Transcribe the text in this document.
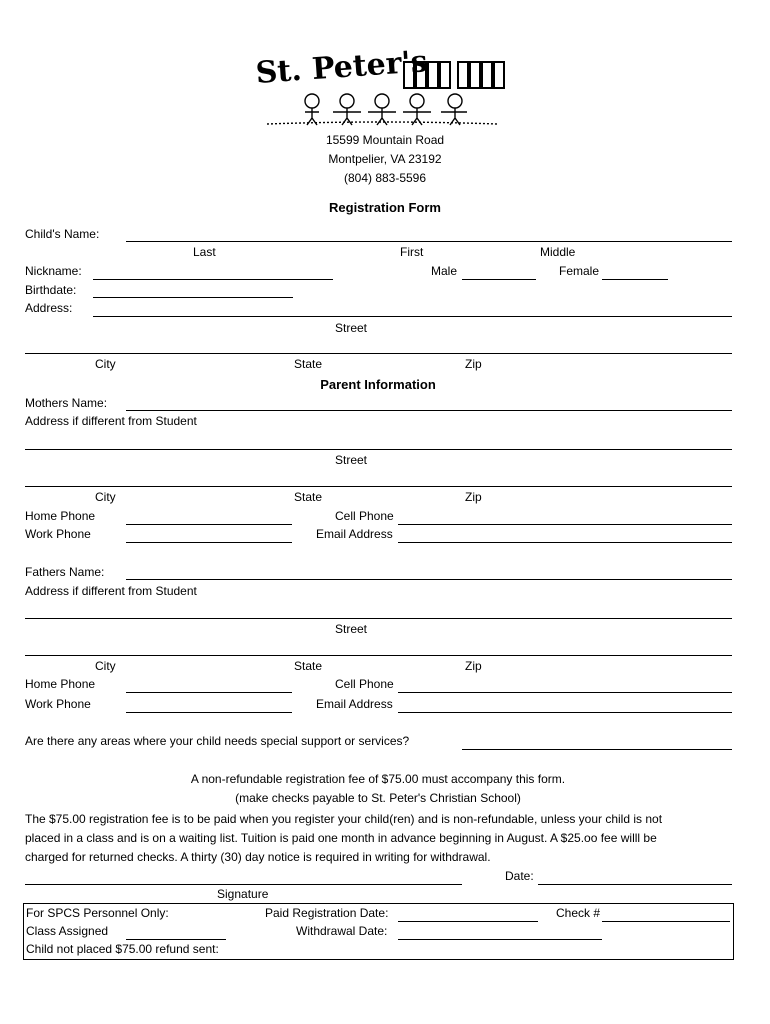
St. Peter's
15599 Mountain Road
Montpelier, VA 23192
(804) 883-5596
Registration Form
Child's Name:
Last	First	Middle
Nickname:	Male	Female
Birthdate:
Address:
Street
City	State	Zip
Parent Information
Mothers Name:
Address if different from Student
Street
City	State	Zip
Home Phone	Cell Phone
Work Phone	Email Address
Fathers Name:
Address if different from Student
Street
City	State	Zip
Home Phone	Cell Phone
Work Phone	Email Address
Are there any areas where your child needs special support or services?
A non-refundable registration fee of $75.00 must accompany this form.
(make checks payable to St. Peter's Christian School)
The $75.00 registration fee is to be paid when you register your child(ren) and is non-refundable, unless your child is not
placed in a class and is on a waiting list. Tuition is paid one month in advance beginning in August. A $25.oo fee willl be
charged for returned checks. A thirty (30) day notice is required in writing for withdrawal.
Date:
Signature
For SPCS Personnel Only:	Paid Registration Date:	Check #
Class Assigned	Withdrawal Date:
Child not placed $75.00 refund sent:
